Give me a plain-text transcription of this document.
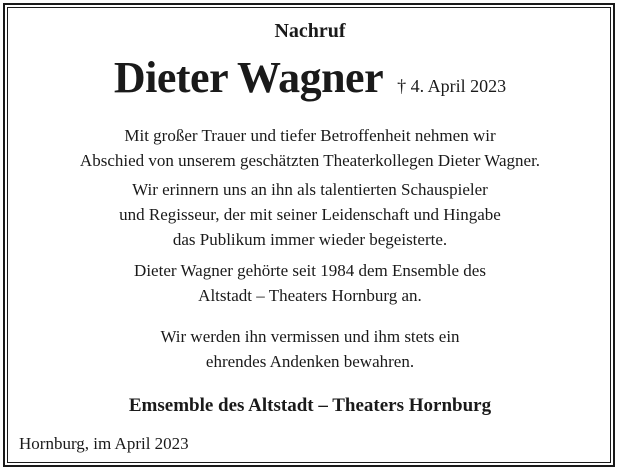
Nachruf
Dieter Wagner † 4. April 2023
Mit großer Trauer und tiefer Betroffenheit nehmen wir
Abschied von unserem geschätzten Theaterkollegen Dieter Wagner.
Wir erinnern uns an ihn als talentierten Schauspieler
und Regisseur, der mit seiner Leidenschaft und Hingabe
das Publikum immer wieder begeisterte.
Dieter Wagner gehörte seit 1984 dem Ensemble des
Altstadt – Theaters Hornburg an.
Wir werden ihn vermissen und ihm stets ein
ehrendes Andenken bewahren.
Emsemble des Altstadt – Theaters Hornburg
Hornburg, im April 2023
